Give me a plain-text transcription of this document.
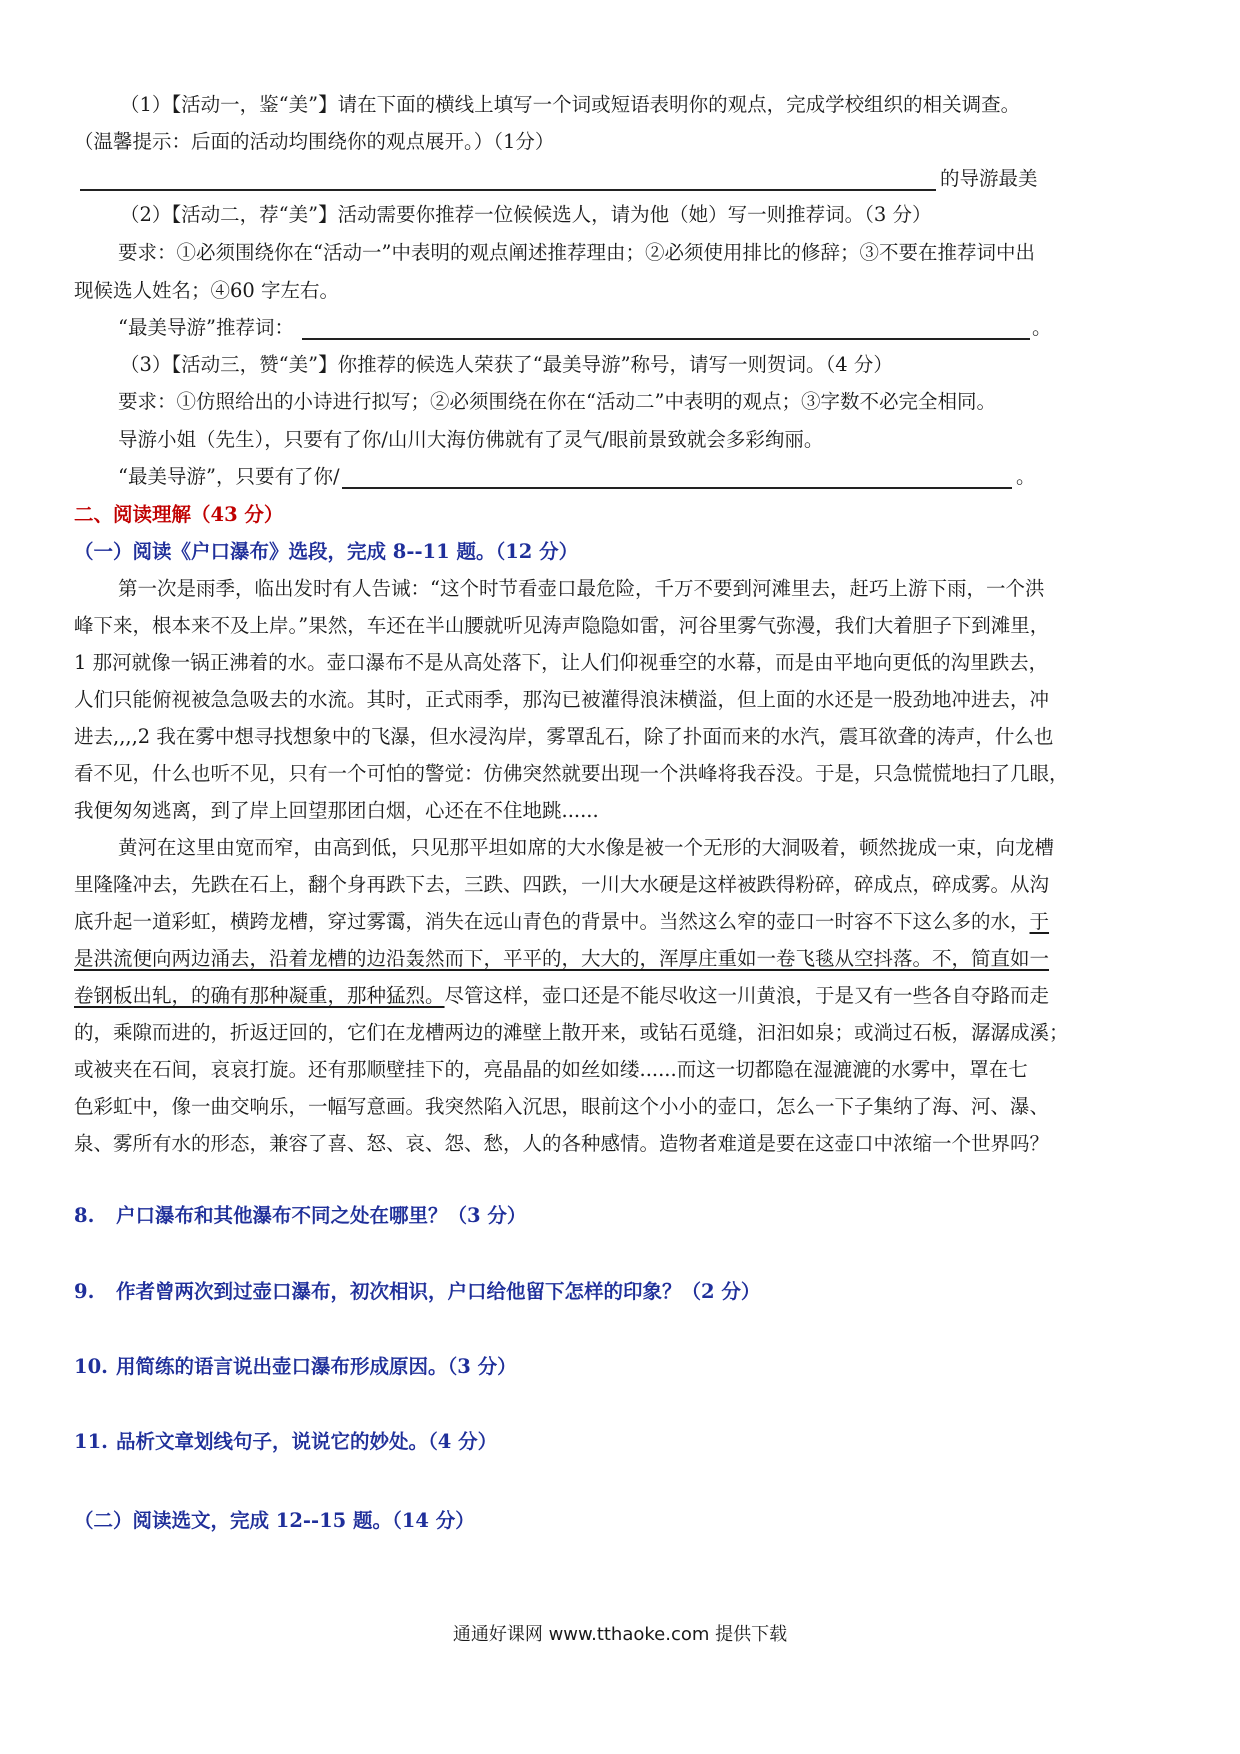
（1）【活动一，鉴“美”】请在下面的横线上填写一个词或短语表明你的观点，完成学校组织的相关调查。
（温馨提示：后面的活动均围绕你的观点展开。）（1分）
的导游最美
（2）【活动二，荐“美”】活动需要你推荐一位候候选人，请为他（她）写一则推荐词。（3 分）
要求：①必须围绕你在“活动一”中表明的观点阐述推荐理由；②必须使用排比的修辞；③不要在推荐词中出
现候选人姓名；④60 字左右。
“最美导游”推荐词：	。
（3）【活动三，赞“美”】你推荐的候选人荣获了“最美导游”称号，请写一则贺词。（4 分）
要求：①仿照给出的小诗进行拟写；②必须围绕在你在“活动二”中表明的观点；③字数不必完全相同。
导游小姐（先生），只要有了你/山川大海仿佛就有了灵气/眼前景致就会多彩绚丽。
“最美导游”，只要有了你/	。
二、阅读理解（43 分）
（一）阅读《户口瀑布》选段，完成 8--11 题。（12 分）
第一次是雨季，临出发时有人告诫：“这个时节看壶口最危险，千万不要到河滩里去，赶巧上游下雨，一个洪
峰下来，根本来不及上岸。”果然，车还在半山腰就听见涛声隐隐如雷，河谷里雾气弥漫，我们大着胆子下到滩里，
1 那河就像一锅正沸着的水。壶口瀑布不是从高处落下，让人们仰视垂空的水幕，而是由平地向更低的沟里跌去，
人们只能俯视被急急吸去的水流。其时，正式雨季，那沟已被灌得浪沫横溢，但上面的水还是一股劲地冲进去，冲
进去,,,,2 我在雾中想寻找想象中的飞瀑，但水浸沟岸，雾罩乱石，除了扑面而来的水汽，震耳欲聋的涛声，什么也
看不见，什么也听不见，只有一个可怕的警觉：仿佛突然就要出现一个洪峰将我吞没。于是，只急慌慌地扫了几眼，
我便匆匆逃离，到了岸上回望那团白烟，心还在不住地跳......
黄河在这里由宽而窄，由高到低，只见那平坦如席的大水像是被一个无形的大洞吸着，顿然拢成一束，向龙槽
里隆隆冲去，先跌在石上，翻个身再跌下去，三跌、四跌，一川大水硬是这样被跌得粉碎，碎成点，碎成雾。从沟
底升起一道彩虹，横跨龙槽，穿过雾霭，消失在远山青色的背景中。当然这么窄的壶口一时容不下这么多的水，于
是洪流便向两边涌去，沿着龙槽的边沿轰然而下，平平的，大大的，浑厚庄重如一卷飞毯从空抖落。不，简直如一
卷钢板出轧，的确有那种凝重，那种猛烈。尽管这样，壶口还是不能尽收这一川黄浪，于是又有一些各自夺路而走
的，乘隙而进的，折返迂回的，它们在龙槽两边的滩壁上散开来，或钻石觅缝，汩汩如泉；或淌过石板，潺潺成溪；
或被夹在石间，哀哀打旋。还有那顺壁挂下的，亮晶晶的如丝如缕......而这一切都隐在湿漉漉的水雾中，罩在七
色彩虹中，像一曲交响乐，一幅写意画。我突然陷入沉思，眼前这个小小的壶口，怎么一下子集纳了海、河、瀑、
泉、雾所有水的形态，兼容了喜、怒、哀、怨、愁，人的各种感情。造物者难道是要在这壶口中浓缩一个世界吗？
8. 户口瀑布和其他瀑布不同之处在哪里？（3 分）
9. 作者曾两次到过壶口瀑布，初次相识，户口给他留下怎样的印象？（2 分）
10. 用简练的语言说出壶口瀑布形成原因。（3 分）
11. 品析文章划线句子，说说它的妙处。（4 分）
（二）阅读选文，完成 12--15 题。（14 分）
通通好课网 www.tthaoke.com 提供下载
